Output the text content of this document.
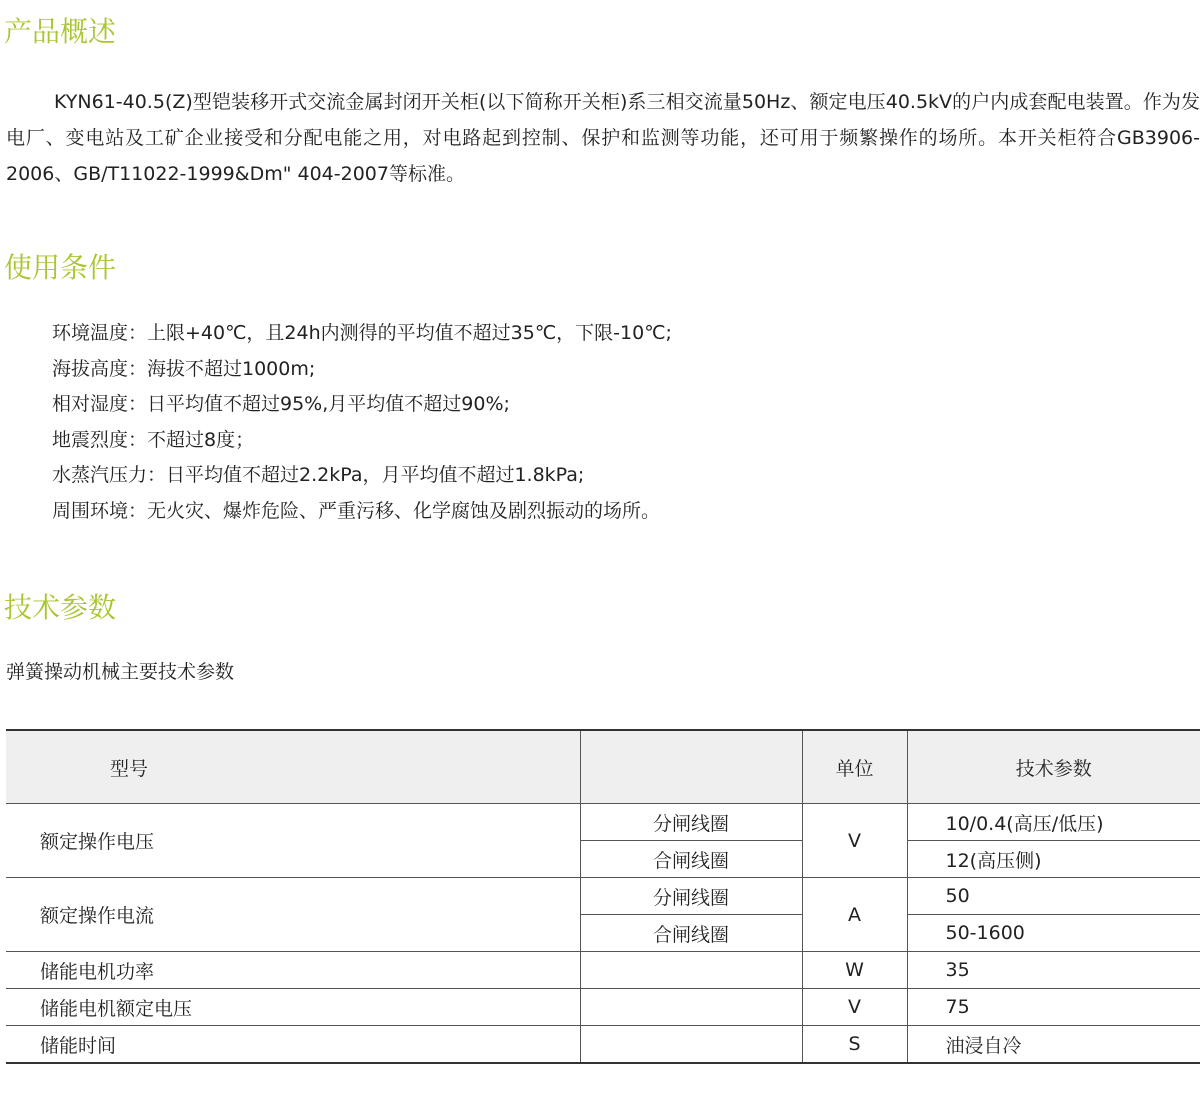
产品概述

KYN61-40.5(Z)型铠装移开式交流金属封闭开关柜(以下简称开关柜)系三相交流量50Hz、额定电压40.5kV的户内成套配电装置。作为发电厂、变电站及工矿企业接受和分配电能之用，对电路起到控制、保护和监测等功能，还可用于频繁操作的场所。本开关柜符合GB3906-2006、GB/T11022-1999&Dm" 404-2007等标准。

使用条件
环境温度：上限+40℃，且24h内测得的平均值不超过35℃，下限-10℃;
海拔高度：海拔不超过1000m;
相对湿度：日平均值不超过95%,月平均值不超过90%;
地震烈度：不超过8度；
水蒸汽压力：日平均值不超过2.2kPa，月平均值不超过1.8kPa;
周围环境：无火灾、爆炸危险、严重污移、化学腐蚀及剧烈振动的场所。
技术参数
弹簧操动机械主要技术参数
型号		单位	技术参数
额定操作电压	分闸线圈	V	10/0.4(高压/低压)
	合闸线圈		12(高压侧)
额定操作电流	分闸线圈	A	50
	合闸线圈		50-1600
储能电机功率		W	35
储能电机额定电压		V	75
储能时间		S	油浸自冷
